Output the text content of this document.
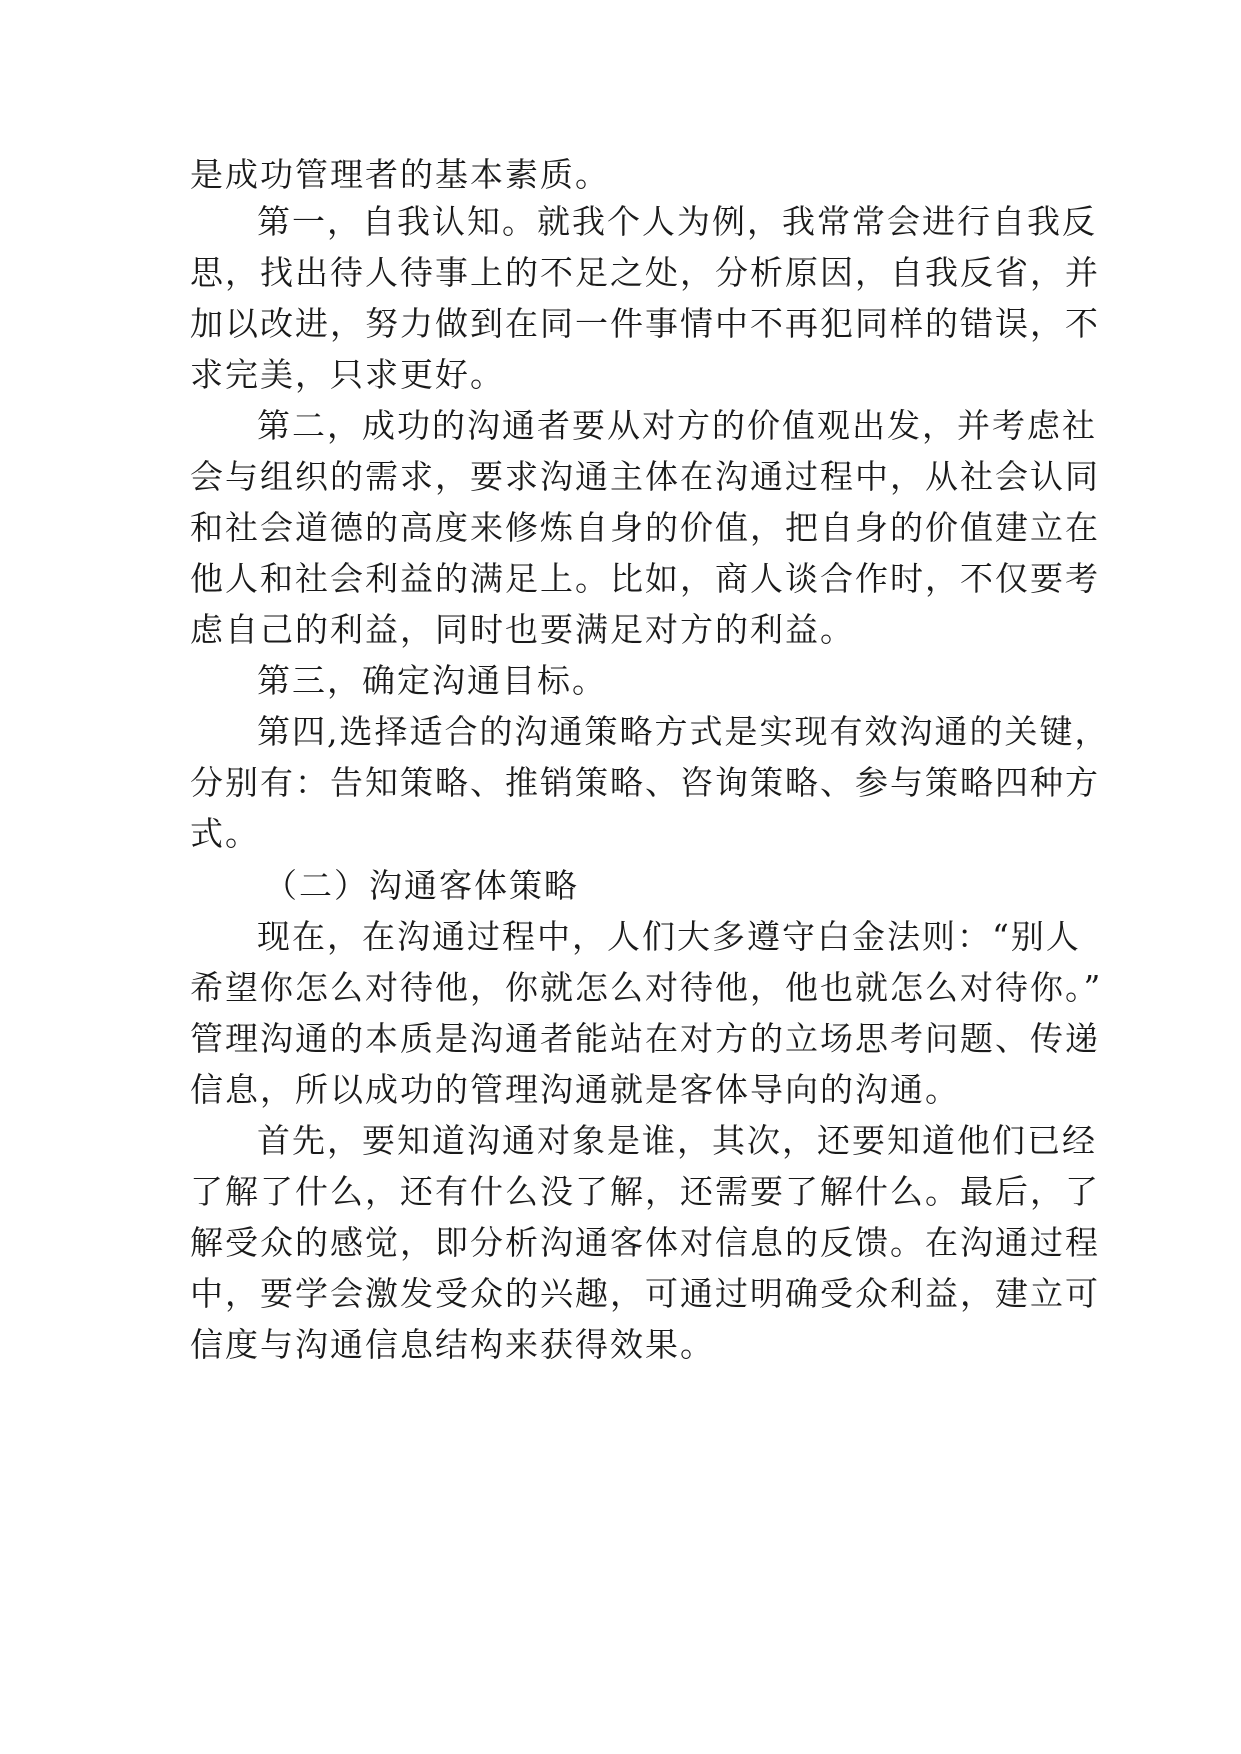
是成功管理者的基本素质。
第一，自我认知。就我个人为例，我常常会进行自我反
思，找出待人待事上的不足之处，分析原因，自我反省，并
加以改进，努力做到在同一件事情中不再犯同样的错误，不
求完美，只求更好。
第二，成功的沟通者要从对方的价值观出发，并考虑社
会与组织的需求，要求沟通主体在沟通过程中，从社会认同
和社会道德的高度来修炼自身的价值，把自身的价值建立在
他人和社会利益的满足上。比如，商人谈合作时，不仅要考
虑自己的利益，同时也要满足对方的利益。
第三，确定沟通目标。
第四,选择适合的沟通策略方式是实现有效沟通的关键，
分别有：告知策略、推销策略、咨询策略、参与策略四种方
式。
（二）沟通客体策略
现在，在沟通过程中，人们大多遵守白金法则：“别人
希望你怎么对待他，你就怎么对待他，他也就怎么对待你。”
管理沟通的本质是沟通者能站在对方的立场思考问题、传递
信息，所以成功的管理沟通就是客体导向的沟通。
首先，要知道沟通对象是谁，其次，还要知道他们已经
了解了什么，还有什么没了解，还需要了解什么。最后，了
解受众的感觉，即分析沟通客体对信息的反馈。在沟通过程
中，要学会激发受众的兴趣，可通过明确受众利益，建立可
信度与沟通信息结构来获得效果。
